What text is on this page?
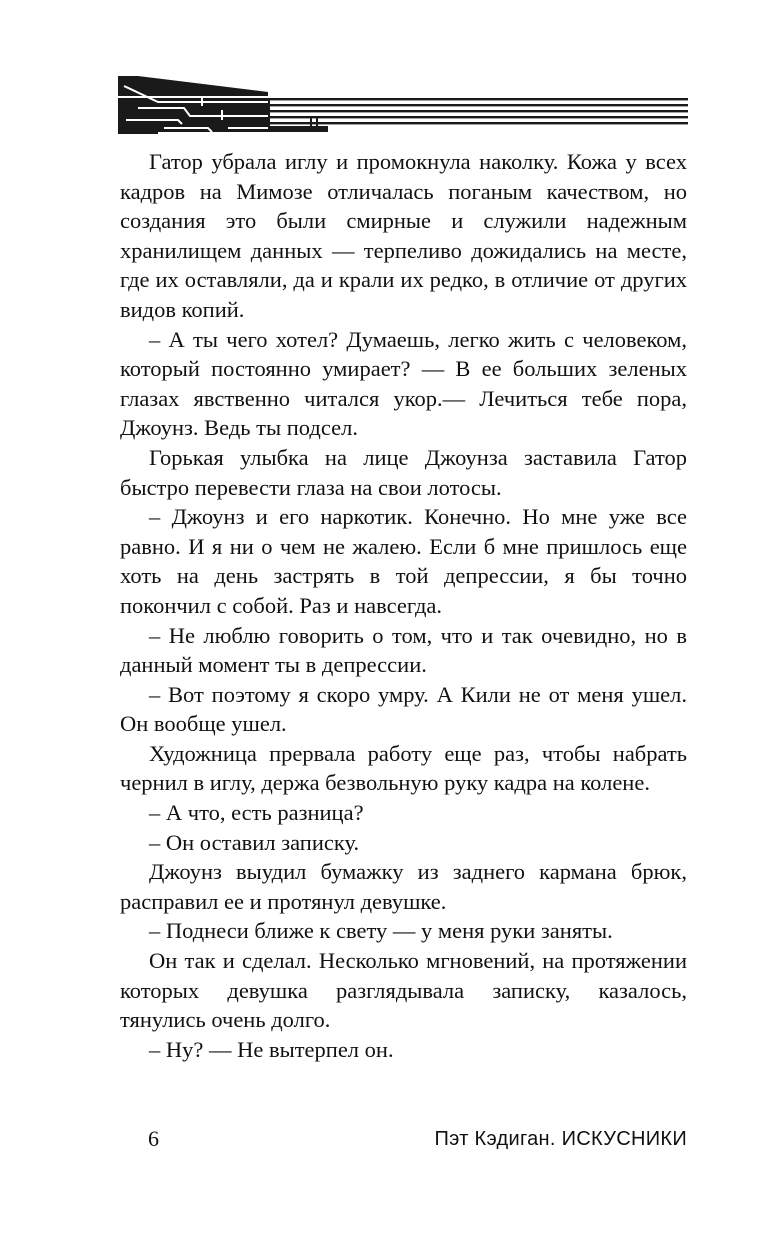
Гатор убрала иглу и промокнула наколку. Кожа у всех кадров на Мимозе отличалась поганым качеством, но создания это были смирные и служили надежным хранилищем данных — терпеливо дожидались на месте, где их оставляли, да и крали их редко, в отличие от других видов копий.

– А ты чего хотел? Думаешь, легко жить с человеком, который постоянно умирает? — В ее больших зеленых глазах явственно читался укор.— Лечиться тебе пора, Джоунз. Ведь ты подсел.

Горькая улыбка на лице Джоунза заставила Гатор быстро перевести глаза на свои лотосы.

– Джоунз и его наркотик. Конечно. Но мне уже все равно. И я ни о чем не жалею. Если б мне пришлось еще хоть на день застрять в той депрессии, я бы точно покончил с собой. Раз и навсегда.

– Не люблю говорить о том, что и так очевидно, но в данный момент ты в депрессии.

– Вот поэтому я скоро умру. А Кили не от меня ушел. Он вообще ушел.

Художница прервала работу еще раз, чтобы набрать чернил в иглу, держа безвольную руку кадра на колене.

– А что, есть разница?

– Он оставил записку.

Джоунз выудил бумажку из заднего кармана брюк, расправил ее и протянул девушке.

– Поднеси ближе к свету — у меня руки заняты.

Он так и сделал. Несколько мгновений, на протяжении которых девушка разглядывала записку, казалось, тянулись очень долго.

– Ну? — Не вытерпел он.

6	Пэт Кэдиган. ИСКУСНИКИ
